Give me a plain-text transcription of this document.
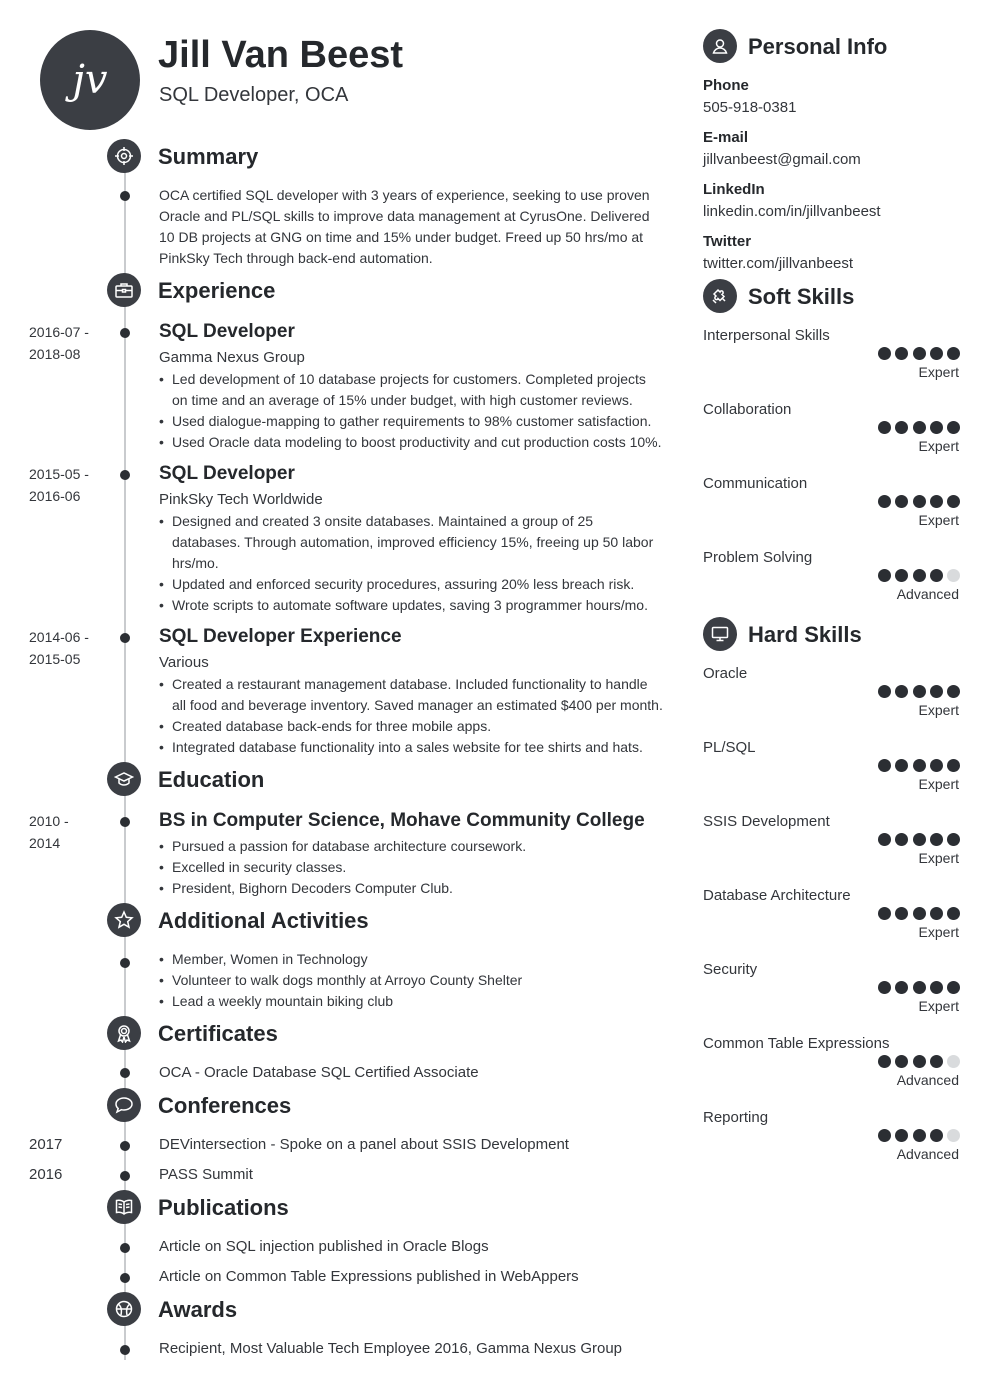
jv
Jill Van Beest
SQL Developer, OCA
Summary
OCA certified SQL developer with 3 years of experience, seeking to use proven
Oracle and PL/SQL skills to improve data management at CyrusOne. Delivered
10 DB projects at GNG on time and 15% under budget. Freed up 50 hrs/mo at
PinkSky Tech through back-end automation.
Experience
2016-07 -
2018-08
SQL Developer
Gamma Nexus Group
• Led development of 10 database projects for customers. Completed projects
on time and an average of 15% under budget, with high customer reviews.
• Used dialogue-mapping to gather requirements to 98% customer satisfaction.
• Used Oracle data modeling to boost productivity and cut production costs 10%.
2015-05 -
2016-06
SQL Developer
PinkSky Tech Worldwide
• Designed and created 3 onsite databases. Maintained a group of 25
databases. Through automation, improved efficiency 15%, freeing up 50 labor
hrs/mo.
• Updated and enforced security procedures, assuring 20% less breach risk.
• Wrote scripts to automate software updates, saving 3 programmer hours/mo.
2014-06 -
2015-05
SQL Developer Experience
Various
• Created a restaurant management database. Included functionality to handle
all food and beverage inventory. Saved manager an estimated $400 per month.
• Created database back-ends for three mobile apps.
• Integrated database functionality into a sales website for tee shirts and hats.
Education
2010 -
2014
BS in Computer Science, Mohave Community College
• Pursued a passion for database architecture coursework.
• Excelled in security classes.
• President, Bighorn Decoders Computer Club.
Additional Activities
• Member, Women in Technology
• Volunteer to walk dogs monthly at Arroyo County Shelter
• Lead a weekly mountain biking club
Certificates
OCA - Oracle Database SQL Certified Associate
Conferences
2017	DEVintersection - Spoke on a panel about SSIS Development
2016	PASS Summit
Publications
Article on SQL injection published in Oracle Blogs
Article on Common Table Expressions published in WebAppers
Awards
Recipient, Most Valuable Tech Employee 2016, Gamma Nexus Group
Personal Info
Phone
505-918-0381
E-mail
jillvanbeest@gmail.com
LinkedIn
linkedin.com/in/jillvanbeest
Twitter
twitter.com/jillvanbeest
Soft Skills
Interpersonal Skills
Expert
Collaboration
Expert
Communication
Expert
Problem Solving
Advanced
Hard Skills
Oracle
Expert
PL/SQL
Expert
SSIS Development
Expert
Database Architecture
Expert
Security
Expert
Common Table Expressions
Advanced
Reporting
Advanced
